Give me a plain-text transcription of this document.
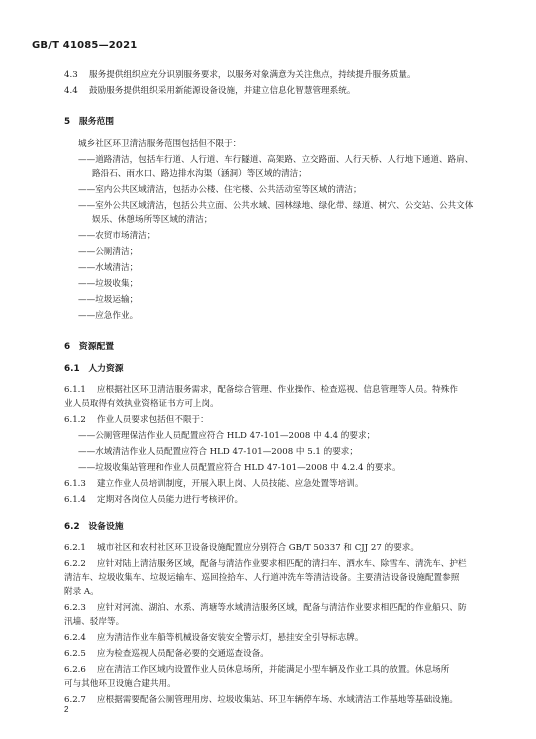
GB/T 41085—2021
4.3 服务提供组织应充分识别服务要求，以服务对象满意为关注焦点，持续提升服务质量。
4.4 鼓励服务提供组织采用新能源设备设施，并建立信息化智慧管理系统。
5　服务范围
城乡社区环卫清洁服务范围包括但不限于：
——道路清洁，包括车行道、人行道、车行隧道、高架路、立交路面、人行天桥、人行地下通道、路肩、
路沿石、雨水口、路边排水沟渠（涵洞）等区域的清洁；
——室内公共区域清洁，包括办公楼、住宅楼、公共活动室等区域的清洁；
——室外公共区域清洁，包括公共立面、公共水域、园林绿地、绿化带、绿道、树穴、公交站、公共文体
娱乐、休憩场所等区域的清洁；
——农贸市场清洁；
——公厕清洁；
——水域清洁；
——垃圾收集；
——垃圾运输；
——应急作业。
6　资源配置
6.1　人力资源
6.1.1 应根据社区环卫清洁服务需求，配备综合管理、作业操作、检查巡视、信息管理等人员。特殊作
业人员取得有效执业资格证书方可上岗。
6.1.2 作业人员要求包括但不限于：
——公厕管理保洁作业人员配置应符合 HLD 47-101—2008 中 4.4 的要求；
——水域清洁作业人员配置应符合 HLD 47-101—2008 中 5.1 的要求；
——垃圾收集站管理和作业人员配置应符合 HLD 47-101—2008 中 4.2.4 的要求。
6.1.3 建立作业人员培训制度，开展入职上岗、人员技能、应急处置等培训。
6.1.4 定期对各岗位人员能力进行考核评价。
6.2　设备设施
6.2.1 城市社区和农村社区环卫设备设施配置应分别符合 GB/T 50337 和 CJJ 27 的要求。
6.2.2 应针对陆上清洁服务区域，配备与清洁作业要求相匹配的清扫车、洒水车、除雪车、清洗车、护栏
清洁车、垃圾收集车、垃圾运输车、巡回捡拾车、人行道冲洗车等清洁设备。主要清洁设备设施配置参照
附录 A。
6.2.3 应针对河流、湖泊、水系、湾塘等水域清洁服务区域，配备与清洁作业要求相匹配的作业船只、防
汛墙、驳岸等。
6.2.4 应为清洁作业车船等机械设备安装安全警示灯，悬挂安全引导标志牌。
6.2.5 应为检查巡视人员配备必要的交通巡查设备。
6.2.6 应在清洁工作区域内设置作业人员休息场所，并能满足小型车辆及作业工具的放置。休息场所
可与其他环卫设施合建共用。
6.2.7 应根据需要配备公厕管理用房、垃圾收集站、环卫车辆停车场、水域清洁工作基地等基础设施。
2
